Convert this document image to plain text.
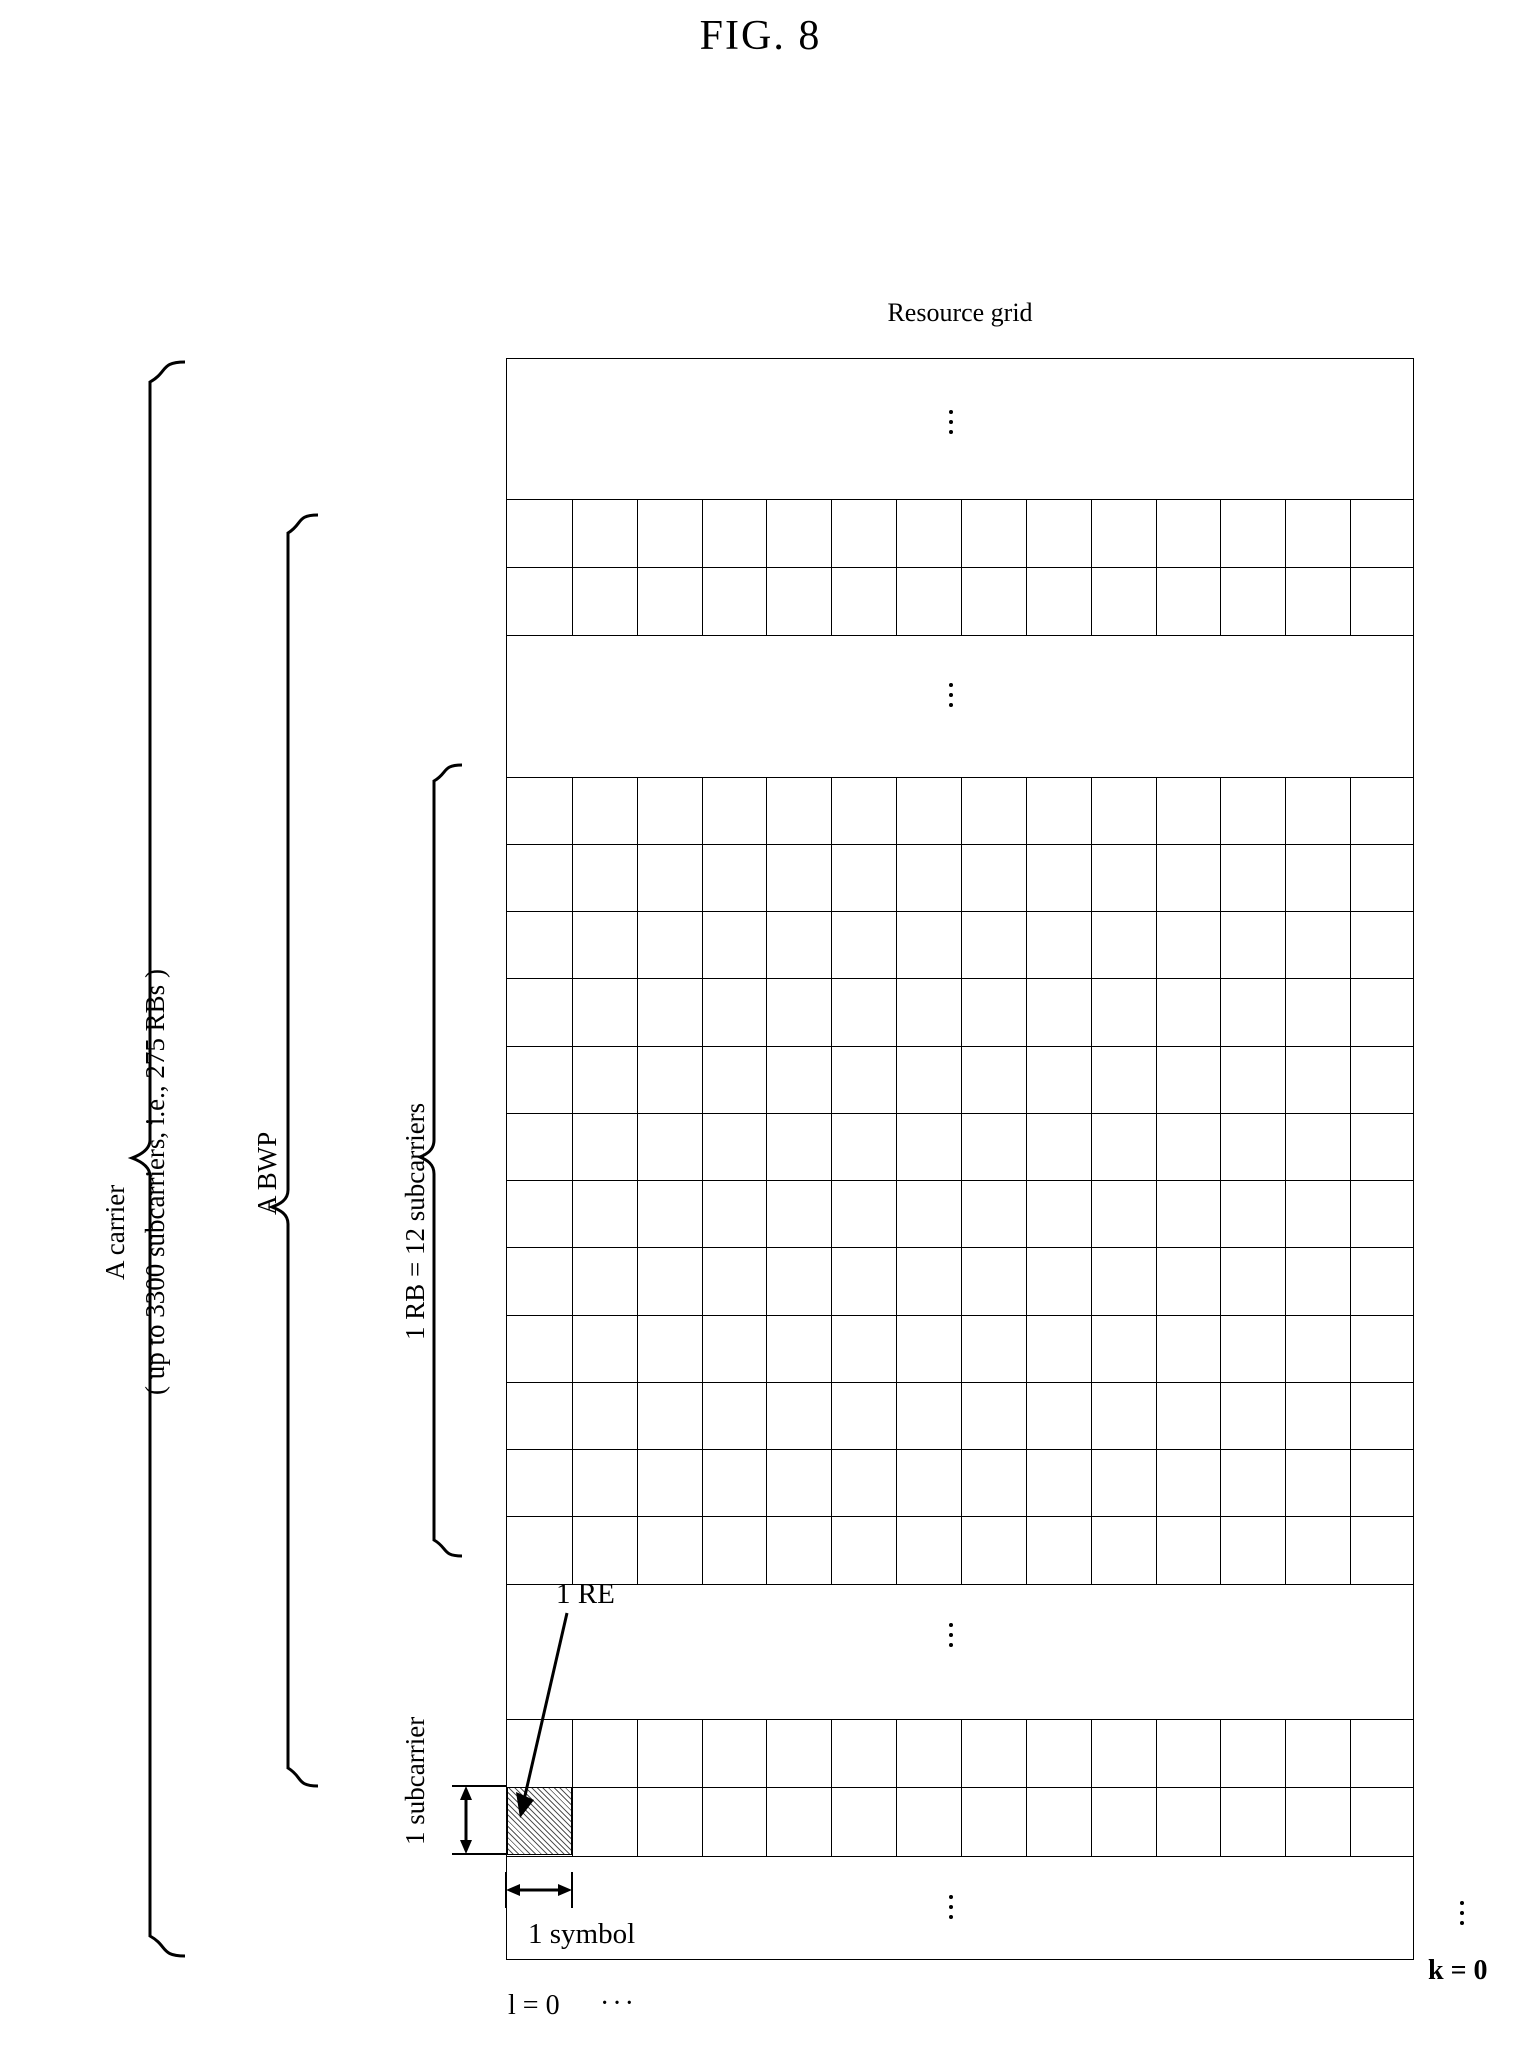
FIG. 8
Resource grid
A carrier ( up to 3300 subcarriers, i.e., 275 RBs )	A BWP	1 RB = 12 subcarriers
1 subcarrier
1 RE
1 symbol
k = 0
l = 0 ···
